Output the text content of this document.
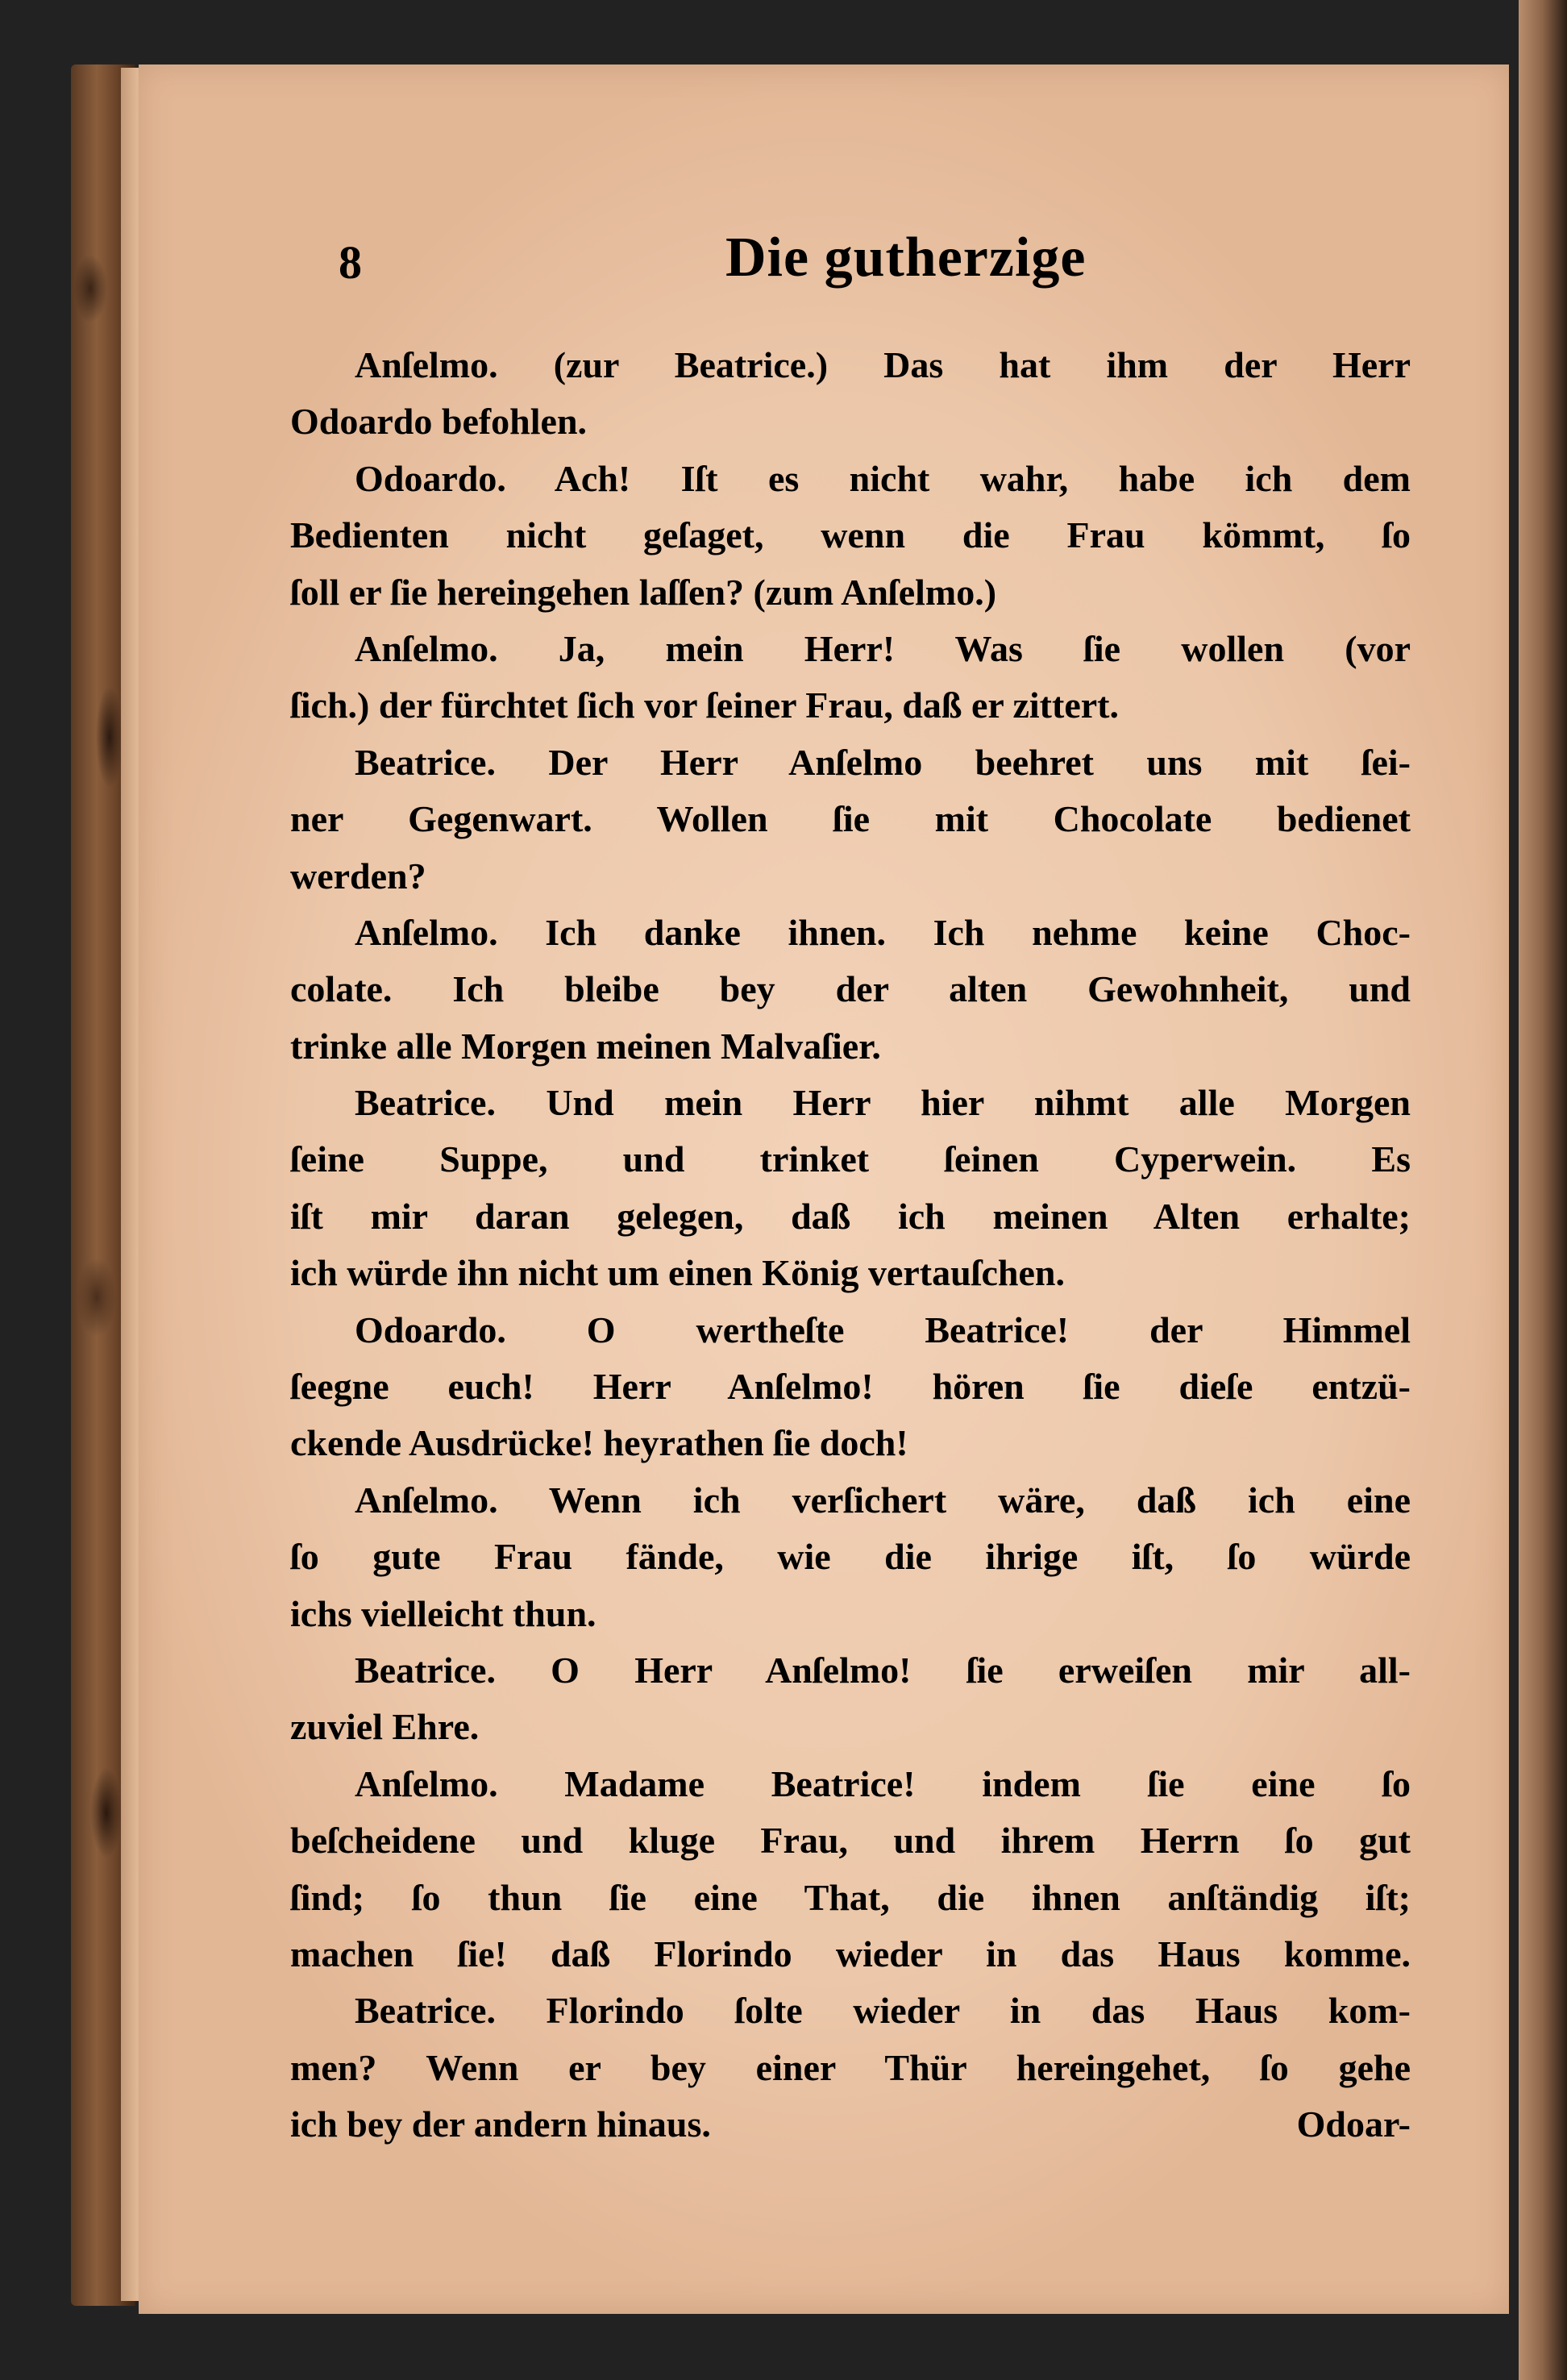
8	Die gutherzige
Anſelmo. (zur Beatrice.) Das hat ihm der Herr
Odoardo befohlen.
Odoardo. Ach! Iſt es nicht wahr, habe ich dem
Bedienten nicht geſaget, wenn die Frau kömmt, ſo
ſoll er ſie hereingehen laſſen? (zum Anſelmo.)
Anſelmo. Ja, mein Herr! Was ſie wollen (vor
ſich.) der fürchtet ſich vor ſeiner Frau, daß er zittert.
Beatrice. Der Herr Anſelmo beehret uns mit ſei-
ner Gegenwart. Wollen ſie mit Chocolate bedienet
werden?
Anſelmo. Ich danke ihnen. Ich nehme keine Choc-
colate. Ich bleibe bey der alten Gewohnheit, und
trinke alle Morgen meinen Malvaſier.
Beatrice. Und mein Herr hier nihmt alle Morgen
ſeine Suppe, und trinket ſeinen Cyperwein. Es
iſt mir daran gelegen, daß ich meinen Alten erhalte;
ich würde ihn nicht um einen König vertauſchen.
Odoardo. O wertheſte Beatrice! der Himmel
ſeegne euch! Herr Anſelmo! hören ſie dieſe entzü-
ckende Ausdrücke! heyrathen ſie doch!
Anſelmo. Wenn ich verſichert wäre, daß ich eine
ſo gute Frau fände, wie die ihrige iſt, ſo würde
ichs vielleicht thun.
Beatrice. O Herr Anſelmo! ſie erweiſen mir all-
zuviel Ehre.
Anſelmo. Madame Beatrice! indem ſie eine ſo
beſcheidene und kluge Frau, und ihrem Herrn ſo gut
ſind; ſo thun ſie eine That, die ihnen anſtändig iſt;
machen ſie! daß Florindo wieder in das Haus komme.
Beatrice. Florindo ſolte wieder in das Haus kom-
men? Wenn er bey einer Thür hereingehet, ſo gehe
ich bey der andern hinaus.	Odoar-
